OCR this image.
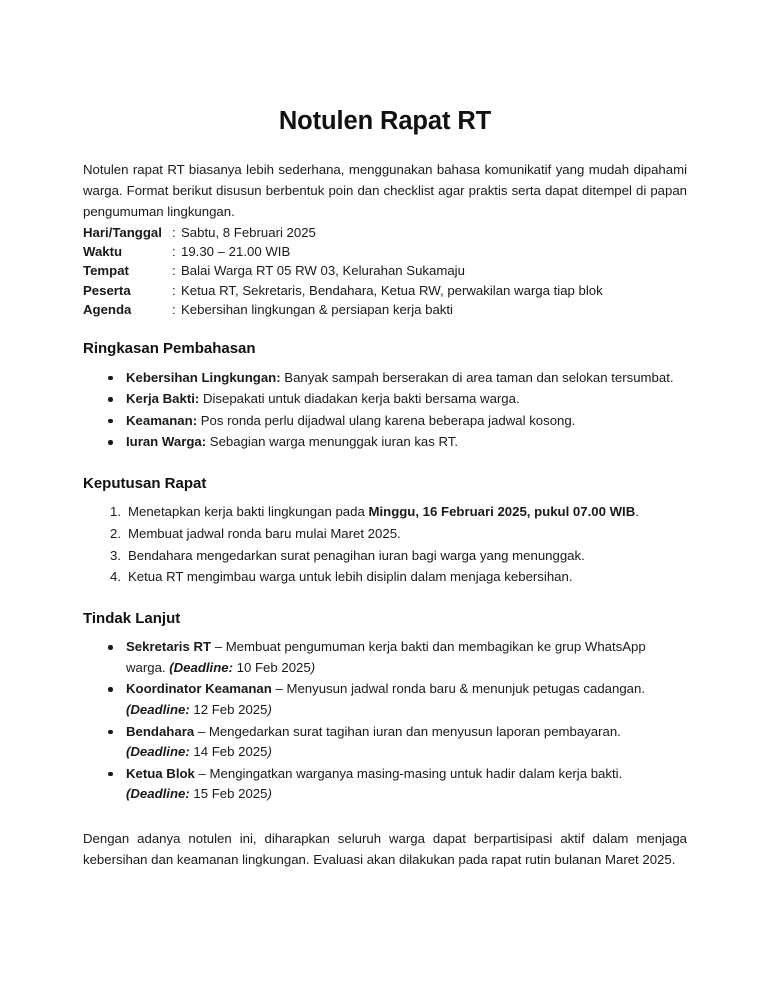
Notulen Rapat RT

Notulen rapat RT biasanya lebih sederhana, menggunakan bahasa komunikatif yang mudah dipahami warga. Format berikut disusun berbentuk poin dan checklist agar praktis serta dapat ditempel di papan pengumuman lingkungan.

Hari/Tanggal	: Sabtu, 8 Februari 2025
Waktu	: 19.30 – 21.00 WIB
Tempat	: Balai Warga RT 05 RW 03, Kelurahan Sukamaju
Peserta	: Ketua RT, Sekretaris, Bendahara, Ketua RW, perwakilan warga tiap blok
Agenda	: Kebersihan lingkungan & persiapan kerja bakti
Ringkasan Pembahasan
Kebersihan Lingkungan: Banyak sampah berserakan di area taman dan selokan tersumbat.
Kerja Bakti: Disepakati untuk diadakan kerja bakti bersama warga.
Keamanan: Pos ronda perlu dijadwal ulang karena beberapa jadwal kosong.
Iuran Warga: Sebagian warga menunggak iuran kas RT.
Keputusan Rapat
Menetapkan kerja bakti lingkungan pada Minggu, 16 Februari 2025, pukul 07.00 WIB.
Membuat jadwal ronda baru mulai Maret 2025.
Bendahara mengedarkan surat penagihan iuran bagi warga yang menunggak.
Ketua RT mengimbau warga untuk lebih disiplin dalam menjaga kebersihan.
Tindak Lanjut
Sekretaris RT – Membuat pengumuman kerja bakti dan membagikan ke grup WhatsApp warga. (Deadline: 10 Feb 2025)
Koordinator Keamanan – Menyusun jadwal ronda baru & menunjuk petugas cadangan. (Deadline: 12 Feb 2025)
Bendahara – Mengedarkan surat tagihan iuran dan menyusun laporan pembayaran. (Deadline: 14 Feb 2025)
Ketua Blok – Mengingatkan warganya masing-masing untuk hadir dalam kerja bakti. (Deadline: 15 Feb 2025)

Dengan adanya notulen ini, diharapkan seluruh warga dapat berpartisipasi aktif dalam menjaga kebersihan dan keamanan lingkungan. Evaluasi akan dilakukan pada rapat rutin bulanan Maret 2025.
